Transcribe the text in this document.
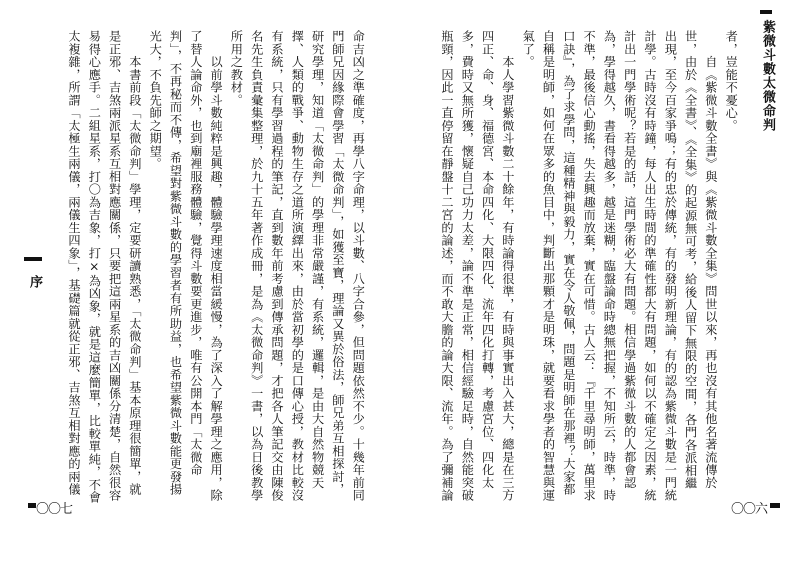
紫微斗數太微命判
〇〇六
者，豈能不憂心。
　　自《紫微斗數全書》與《紫微斗數全集》問世以來，再也沒有其他名著流傳於
世，由於《全書》、《全集》的起源無可考，給後人留下無限的空間，各門各派相繼
出現，至今百家爭鳴；有的忠於傳統，有的發明新理論，有的認為紫微斗數是一門統
計學。古時沒有時鐘，每人出生時間的準確性都大有問題，如何以不確定之因素，統
計出一門學術呢？若是的話，這門學術必大有問題。相信學過紫微斗數的人都會認
為，學得越久，書看得越多，越是迷糊，臨盤論命時總無把握，不知所云，時準，時
不準，最後信心動搖，失去興趣而放棄，實在可惜。古人云：『千里尋明師，萬里求
口訣』，為了求學問，這種精神與毅力，實在令人敬佩，問題是明師在那裡？大家都
自稱是明師，如何在眾多的魚目中，判斷出那顆才是明珠，就要看求學者的智慧與運
氣了。
　　本人學習紫微斗數二十餘年，有時論得很準，有時與事實出入甚大，總是在三方
四正、命、身、福德宮、本命四化、大限四化、流年四化打轉，考慮宮位、四化太
多，費時又無所獲，懷疑自己功力太差，論不準是正常，相信經驗足時，自然能突破
瓶頸，因此一直停留在靜盤十二宮的論述，而不敢大膽的論大限、流年。為了彌補論
序
〇〇七
命吉凶之準確度，再學八字命理，以斗數、八字合參，但問題依然不少。十幾年前同
門師兄因緣際會學習「太微命判」，如獲至寶，理論又異於俗法，師兄弟互相探討，
研究學理，知道「太微命判」的學理非常嚴謹，有系統，邏輯，是由大自然物競天
擇、人類的戰爭、動物生存之道所演繹出來，由於當初學的是口傳心授，教材比較沒
有系統，只有學習過程的筆記，直到數年前考慮到傳承問題，才把各人筆記交由陳俊
名先生負責彙集整理，於九十五年著作成冊，是為《太微命判》一書，以為日後教學
所用之教材。
　　以前學斗數純粹是興趣，體驗學理速度相當緩慢，為了深入了解學理之應用，除
了替人論命外，也到廟裡服務體驗，覺得斗數要更進步，唯有公開本門「太微命
判」，不再秘而不傳，希望對紫微斗數的學習者有所助益，也希望紫微斗數能更發揚
光大，不負先師之期望。
　　本書前段「太微命判」學理，定要研讀熟悉，「太微命判」基本原理很簡單，就
是正邪、吉煞兩派星系互相對應關係，只要把這兩星系的吉凶關係分清楚，自然很容
易得心應手。二組星系，打〇為吉象，打×為凶象，就是這麼簡單，比較單純，不會
太複雜，所謂「太極生兩儀，兩儀生四象」，基礎篇就從正邪、吉煞互相對應的兩儀
